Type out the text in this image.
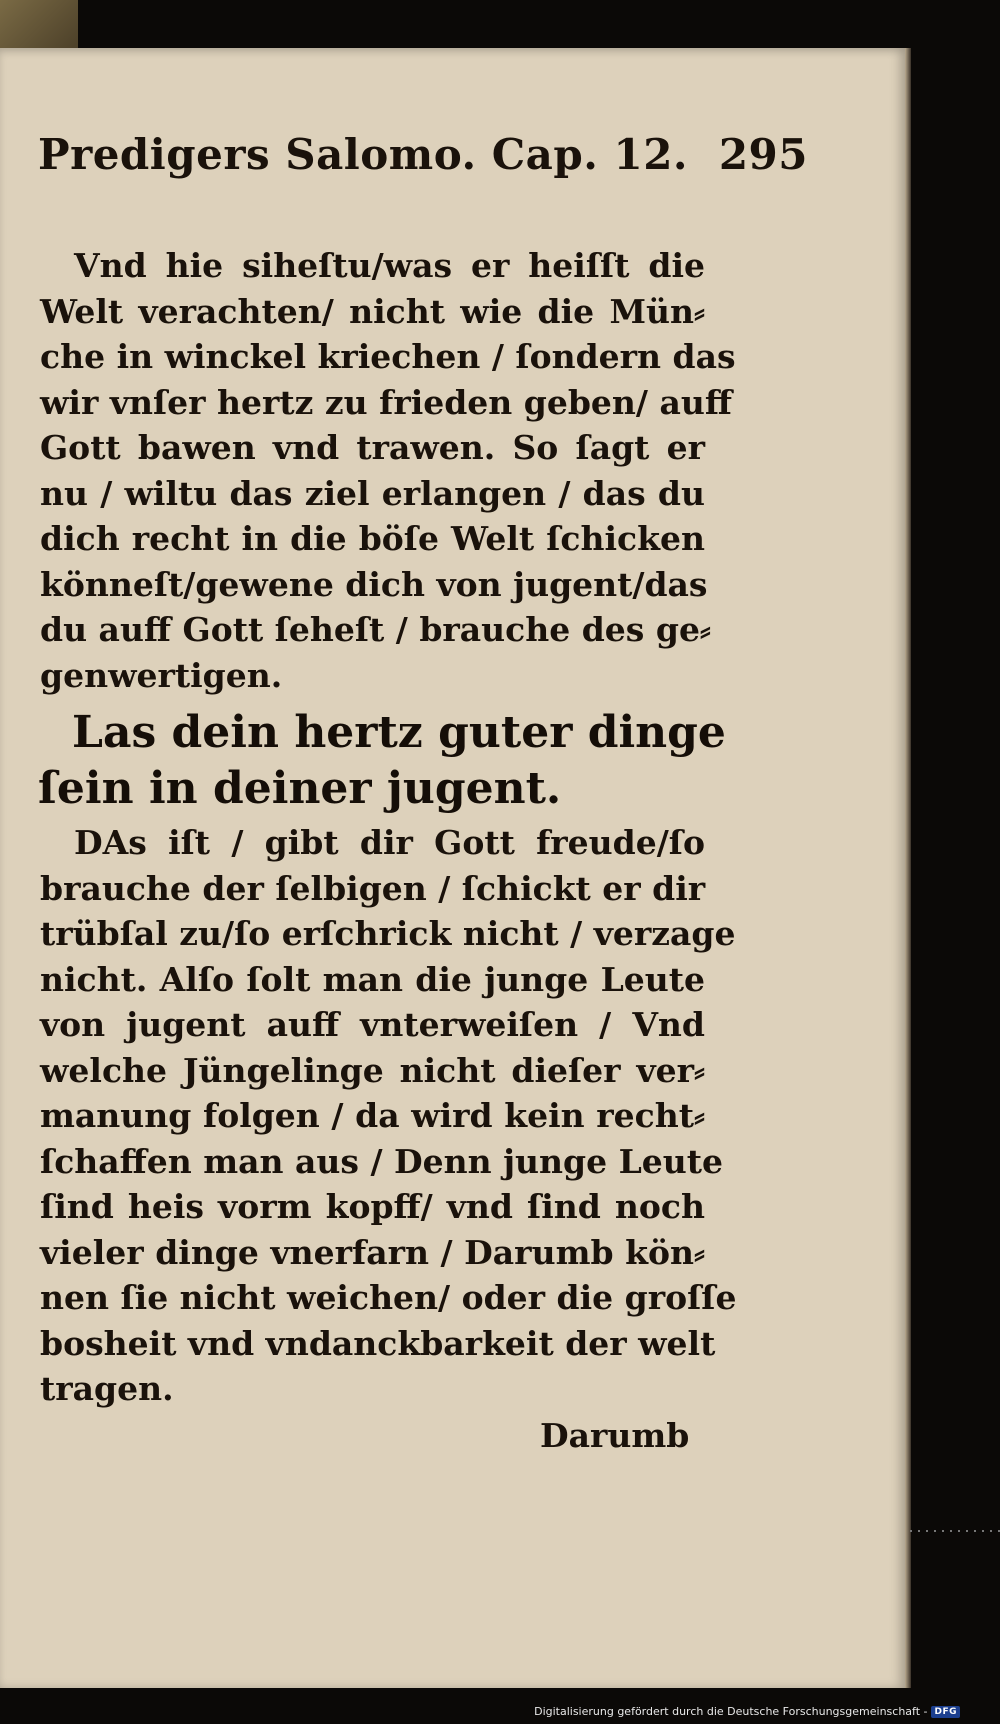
Predigers Salomo. Cap. 12. 295
Vnd hie siheſtu/was er heiſſt die
Welt verachten/ nicht wie die Mün⸗
che in winckel kriechen / ſondern das
wir vnſer hertz zu frieden geben/ auff
Gott bawen vnd trawen. So ſagt er
nu / wiltu das ziel erlangen / das du
dich recht in die böſe Welt ſchicken
könneſt/gewene dich von jugent/das
du auff Gott ſeheſt / brauche des ge⸗
genwertigen.
Las dein hertz guter dinge
ſein in deiner jugent.
DAs iſt / gibt dir Gott freude/ſo
brauche der ſelbigen / ſchickt er dir
trübſal zu/ſo erſchrick nicht / verzage
nicht. Alſo ſolt man die junge Leute
von jugent auff vnterweiſen / Vnd
welche Jüngelinge nicht dieſer ver⸗
manung folgen / da wird kein recht⸗
ſchaffen man aus / Denn junge Leute
ſind heis vorm kopff/ vnd ſind noch
vieler dinge vnerfarn / Darumb kön⸗
nen ſie nicht weichen/ oder die groſſe
bosheit vnd vndanckbarkeit der welt
tragen.
Darumb
Digitalisierung gefördert durch die Deutsche Forschungsgemeinschaft - DFG
